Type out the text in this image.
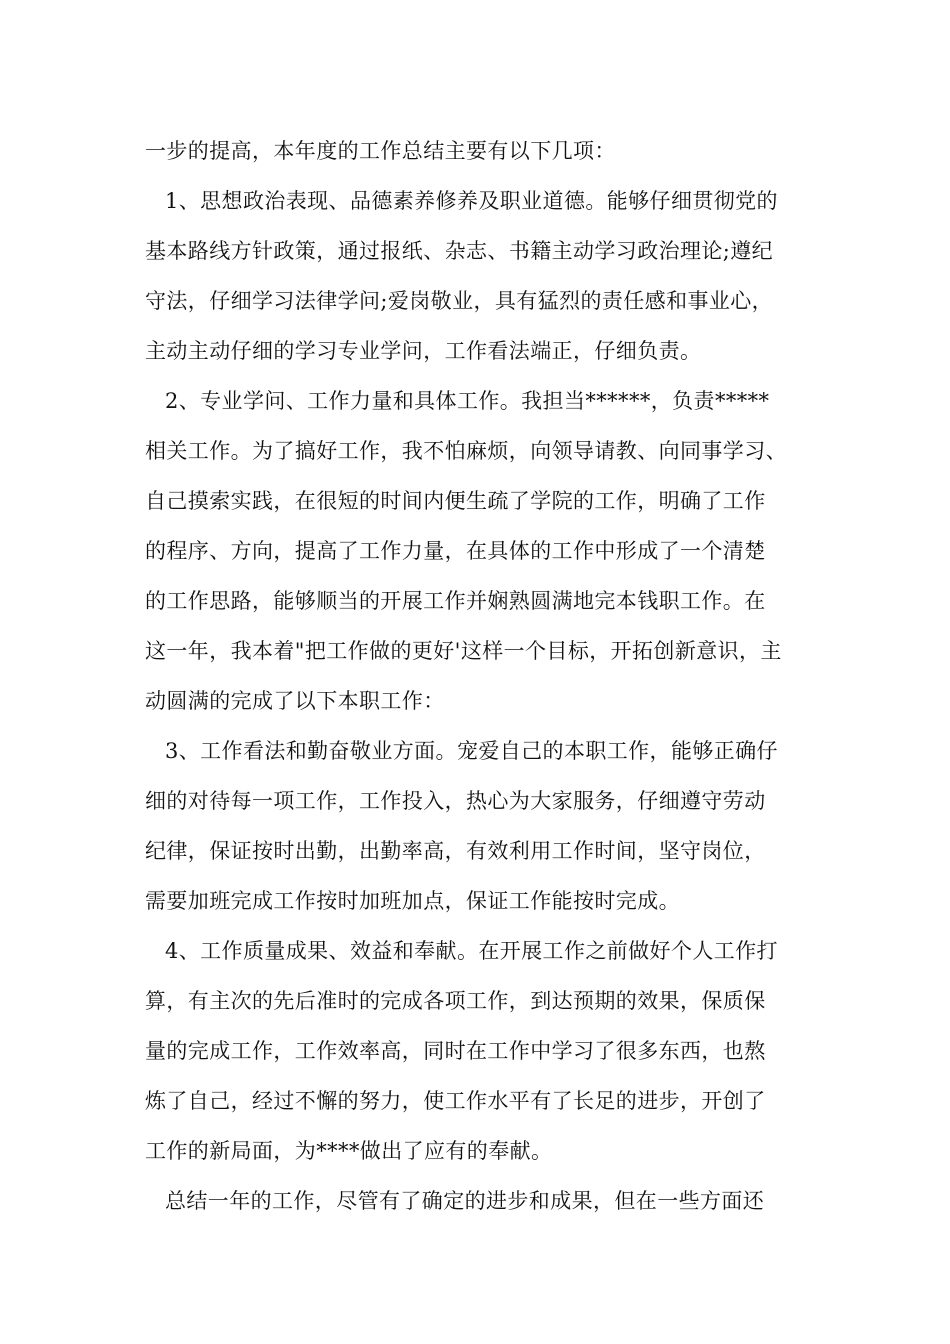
一步的提高，本年度的工作总结主要有以下几项：
1、思想政治表现、品德素养修养及职业道德。能够仔细贯彻党的
基本路线方针政策，通过报纸、杂志、书籍主动学习政治理论;遵纪
守法，仔细学习法律学问;爱岗敬业，具有猛烈的责任感和事业心，
主动主动仔细的学习专业学问，工作看法端正，仔细负责。
2、专业学问、工作力量和具体工作。我担当******，负责*****
相关工作。为了搞好工作，我不怕麻烦，向领导请教、向同事学习、
自己摸索实践，在很短的时间内便生疏了学院的工作，明确了工作
的程序、方向，提高了工作力量，在具体的工作中形成了一个清楚
的工作思路，能够顺当的开展工作并娴熟圆满地完本钱职工作。在
这一年，我本着"把工作做的更好'这样一个目标，开拓创新意识，主
动圆满的完成了以下本职工作：
3、工作看法和勤奋敬业方面。宠爱自己的本职工作，能够正确仔
细的对待每一项工作，工作投入，热心为大家服务，仔细遵守劳动
纪律，保证按时出勤，出勤率高，有效利用工作时间，坚守岗位，
需要加班完成工作按时加班加点，保证工作能按时完成。
4、工作质量成果、效益和奉献。在开展工作之前做好个人工作打
算，有主次的先后准时的完成各项工作，到达预期的效果，保质保
量的完成工作，工作效率高，同时在工作中学习了很多东西，也熬
炼了自己，经过不懈的努力，使工作水平有了长足的进步，开创了
工作的新局面，为****做出了应有的奉献。
总结一年的工作，尽管有了确定的进步和成果，但在一些方面还
